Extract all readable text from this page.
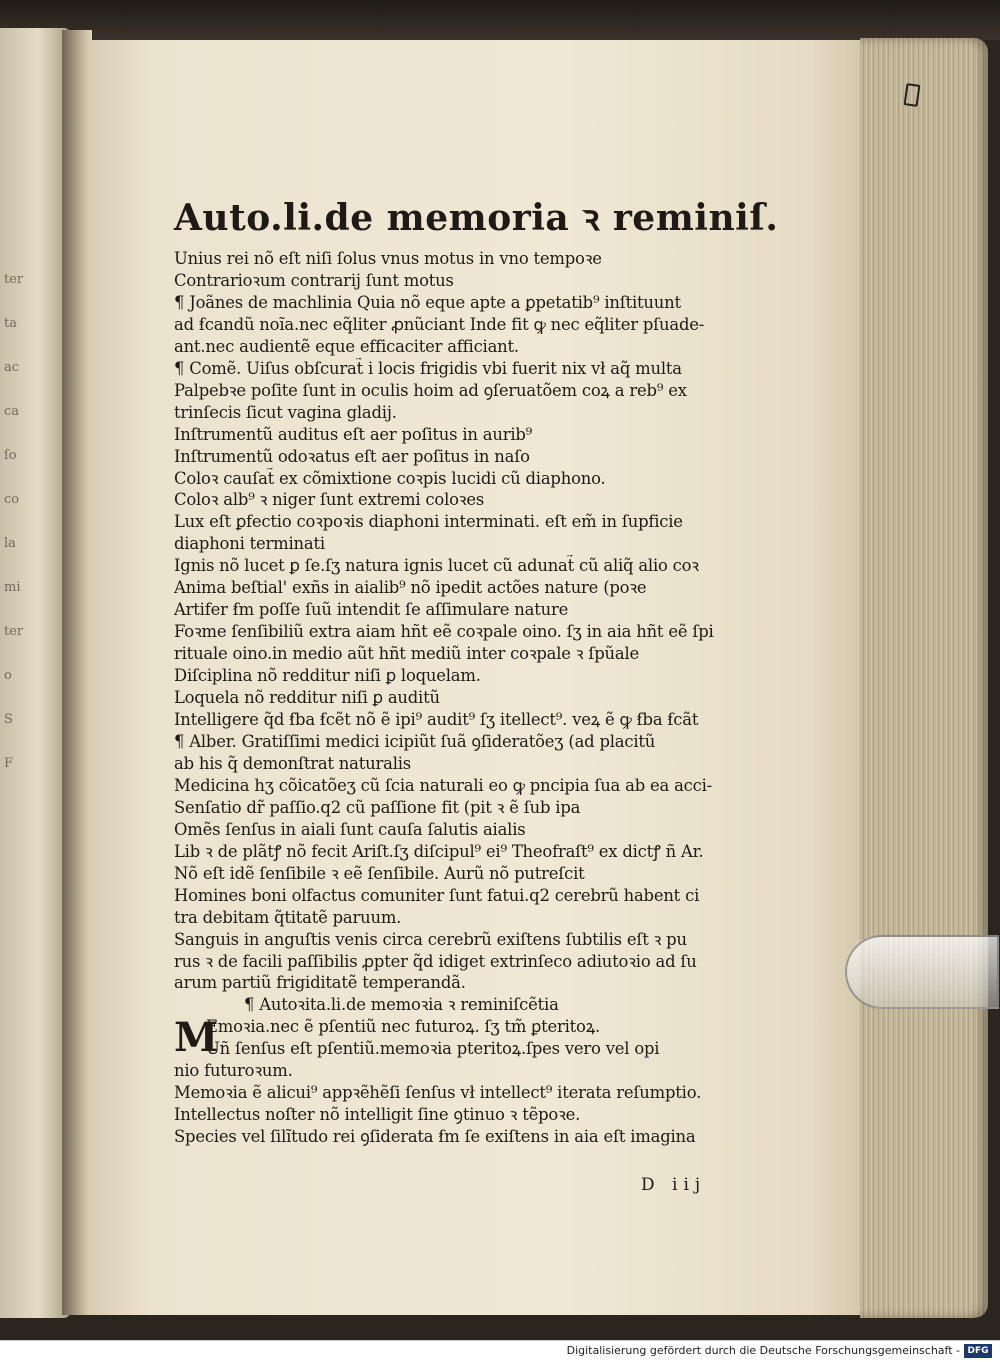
ter
ta
ac
ca
ſo
co
la
mi
ter
o
S
F
Auto.li.de memoria ꝛ reminiſ.
Unius rei nõ eſt niſi ſolus vnus motus in vno tempoꝛe
Contrarioꝛum contrarij ſunt motus
¶ Joãnes de machlinia Quia nõ eque apte a ꝑpetatib⁹ inſtituunt
ad ẜcandũ noĩa.nec eq̃liter ꝓnũciant Inde fit ꝙ nec eq̃liter pſuade-
ant.nec audientẽ eque efficaciter afficiant.
¶ Comẽ. Uiſus obſcurat̃ i locis frigidis vbi fuerit nix vł aq̃ multa
Palpebꝛe poſite ſunt in oculis hoim ad ꝯſeruatõem coꝝ a reb⁹ ex
trinſecis ſicut vagina gladij.
Inſtrumentũ auditus eſt aer poſitus in aurib⁹
Inſtrumentũ odoꝛatus eſt aer poſitus in naſo
Coloꝛ cauſat̃ ex cõmixtione coꝛpis lucidi cũ diaphono.
Coloꝛ alb⁹ ꝛ niger ſunt extremi coloꝛes
Lux eſt ꝑfectio coꝛpoꝛis diaphoni interminati. eſt em̃ in ſupficie
diaphoni terminati
Ignis nõ lucet ꝑ ſe.ſʒ natura ignis lucet cũ adunat̃ cũ aliq̃ alio coꝛ
Anima beſtial' exñs in aialib⁹ nõ ipedit actões nature (poꝛe
Artifer ẜm poſſe ſuũ intendit ſe aſſimulare nature
Foꝛme ſenſibiliũ extra aiam hñt eẽ coꝛpale oino. ſʒ in aia hñt eẽ ſpi
rituale oino.in medio aũt hñt mediũ inter coꝛpale ꝛ ſpũale
Diſciplina nõ redditur niſi ꝑ loquelam.
Loquela nõ redditur niſi ꝑ auditũ
Intelligere q̃d ẜba ẜcẽt nõ ẽ ipi⁹ audit⁹ ſʒ itellect⁹. veꝝ ẽ ꝙ ẜba ẜcãt
¶ Alber. Gratiſſimi medici icipiũt ſuã ꝯſideratõeʒ (ad placitũ
ab his q̃ demonſtrat naturalis
Medicina hʒ cõicatõeʒ cũ ſcia naturali eo ꝙ pncipia ſua ab ea acci-
Senſatio dr̃ paſſio.q2 cũ paſſione fit (pit ꝛ ẽ ſub ipa
Omẽs ſenſus in aiali ſunt cauſa ſalutis aialis
Lib ꝛ de plãtꝭ nõ fecit Ariſt.ſʒ diſcipul⁹ ei⁹ Theofraſt⁹ ex dictꝭ ñ Ar.
Nõ eſt idẽ ſenſibile ꝛ eẽ ſenſibile. Aurũ nõ putreſcit
Homines boni olfactus comuniter ſunt fatui.q2 cerebrũ habent ci
tra debitam q̃titatẽ paruum.
Sanguis in anguſtis venis circa cerebrũ exiſtens ſubtilis eſt ꝛ pu
rus ꝛ de facili paſſibilis ꝓpter q̃d idiget extrinſeco adiutoꝛio ad ſu
arum partiũ frigiditatẽ temperandã.
¶ Autoꝛita.li.de memoꝛia ꝛ reminiſcẽtia
M
Emoꝛia.nec ẽ pſentiũ nec futuroꝝ. ſʒ tm̃ ꝑteritoꝝ.
Uñ ſenſus eſt pſentiũ.memoꝛia pteritoꝝ.ſpes vero vel opi
nio futuroꝛum.
Memoꝛia ẽ alicui⁹ appꝛẽhẽſi ſenſus vł intellect⁹ iterata reſumptio.
Intellectus noſter nõ intelligit ſine ꝯtinuo ꝛ tẽpoꝛe.
Species vel ſilĩtudo rei ꝯſiderata ẜm ſe exiſtens in aia eſt imagina
D iij
Digitalisierung gefördert durch die Deutsche Forschungsgemeinschaft - DFG
